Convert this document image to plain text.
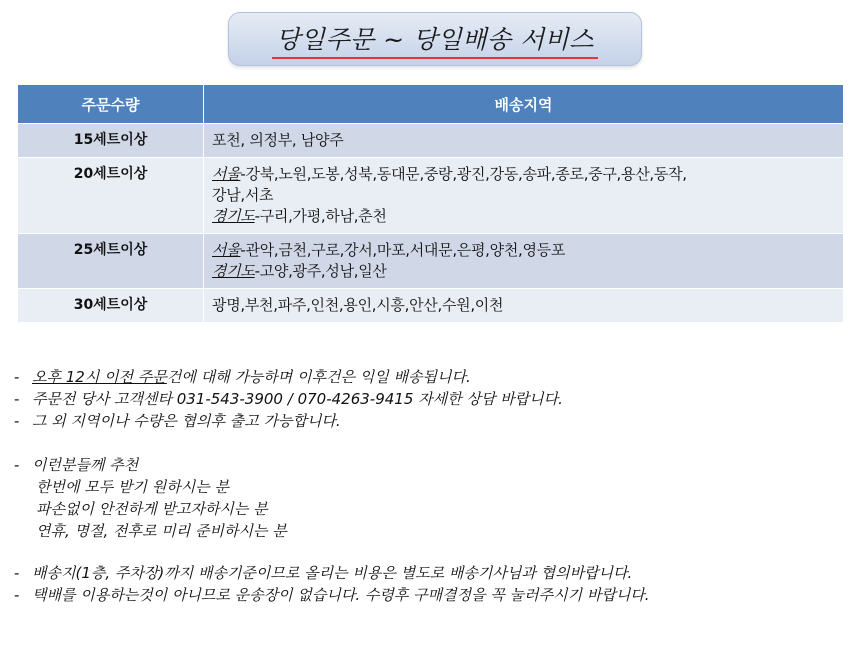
당일주문 ~ 당일배송 서비스
주문수량	배송지역
15세트이상	포천, 의정부, 남양주

20세트이상	서울-강북,노원,도봉,성북,동대문,중랑,광진,강동,송파,종로,중구,용산,동작,
강남,서초
경기도-구리,가평,하남,춘천

25세트이상	서울-관악,금천,구로,강서,마포,서대문,은평,양천,영등포
경기도-고양,광주,성남,일산

30세트이상	광명,부천,파주,인천,용인,시흥,안산,수원,이천
- 오후 12시 이전 주문건에 대해 가능하며 이후건은 익일 배송됩니다.
- 주문전 당사 고객센타 031-543-3900 / 070-4263-9415 자세한 상담 바랍니다.
- 그 외 지역이나 수량은 협의후 출고 가능합니다.
- 이런분들께 추천
한번에 모두 받기 원하시는 분
파손없이 안전하게 받고자하시는 분
연휴, 명절, 전후로 미리 준비하시는 분
- 배송지(1층, 주차장)까지 배송기준이므로 올리는 비용은 별도로 배송기사님과 협의바랍니다.
- 택배를 이용하는것이 아니므로 운송장이 없습니다. 수령후 구매결정을 꼭 눌러주시기 바랍니다.
